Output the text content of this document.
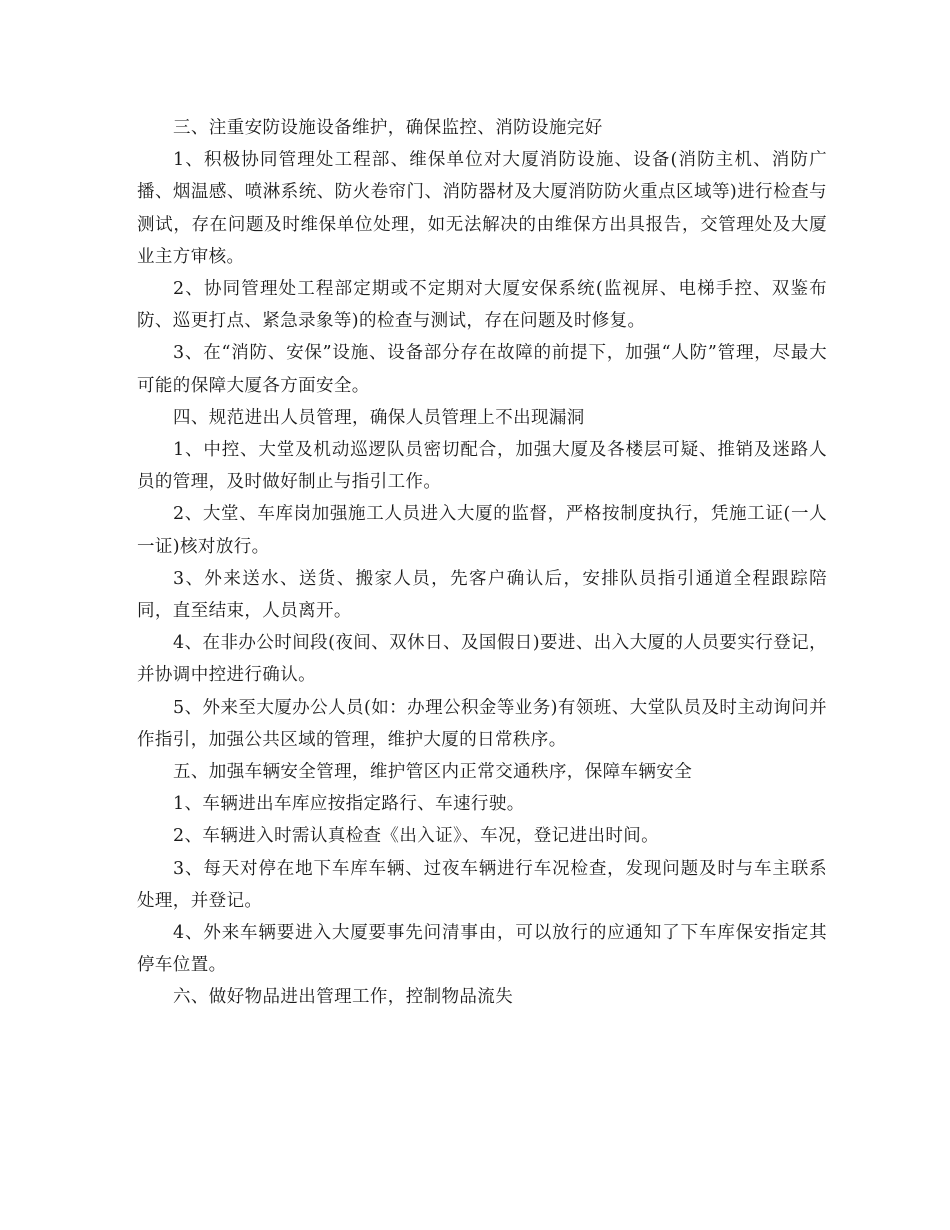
三、注重安防设施设备维护，确保监控、消防设施完好

1、积极协同管理处工程部、维保单位对大厦消防设施、设备(消防主机、消防广播、烟温感、喷淋系统、防火卷帘门、消防器材及大厦消防防火重点区域等)进行检查与测试，存在问题及时维保单位处理，如无法解决的由维保方出具报告，交管理处及大厦业主方审核。

2、协同管理处工程部定期或不定期对大厦安保系统(监视屏、电梯手控、双鉴布防、巡更打点、紧急录象等)的检查与测试，存在问题及时修复。

3、在“消防、安保”设施、设备部分存在故障的前提下，加强“人防”管理，尽最大可能的保障大厦各方面安全。

四、规范进出人员管理，确保人员管理上不出现漏洞

1、中控、大堂及机动巡逻队员密切配合，加强大厦及各楼层可疑、推销及迷路人员的管理，及时做好制止与指引工作。

2、大堂、车库岗加强施工人员进入大厦的监督，严格按制度执行，凭施工证(一人一证)核对放行。

3、外来送水、送货、搬家人员，先客户确认后，安排队员指引通道全程跟踪陪同，直至结束，人员离开。

4、在非办公时间段(夜间、双休日、及国假日)要进、出入大厦的人员要实行登记，并协调中控进行确认。

5、外来至大厦办公人员(如：办理公积金等业务)有领班、大堂队员及时主动询问并作指引，加强公共区域的管理，维护大厦的日常秩序。

五、加强车辆安全管理，维护管区内正常交通秩序，保障车辆安全

1、车辆进出车库应按指定路行、车速行驶。

2、车辆进入时需认真检查《出入证》、车况，登记进出时间。

3、每天对停在地下车库车辆、过夜车辆进行车况检查，发现问题及时与车主联系处理，并登记。

4、外来车辆要进入大厦要事先问清事由，可以放行的应通知了下车库保安指定其停车位置。

六、做好物品进出管理工作，控制物品流失
